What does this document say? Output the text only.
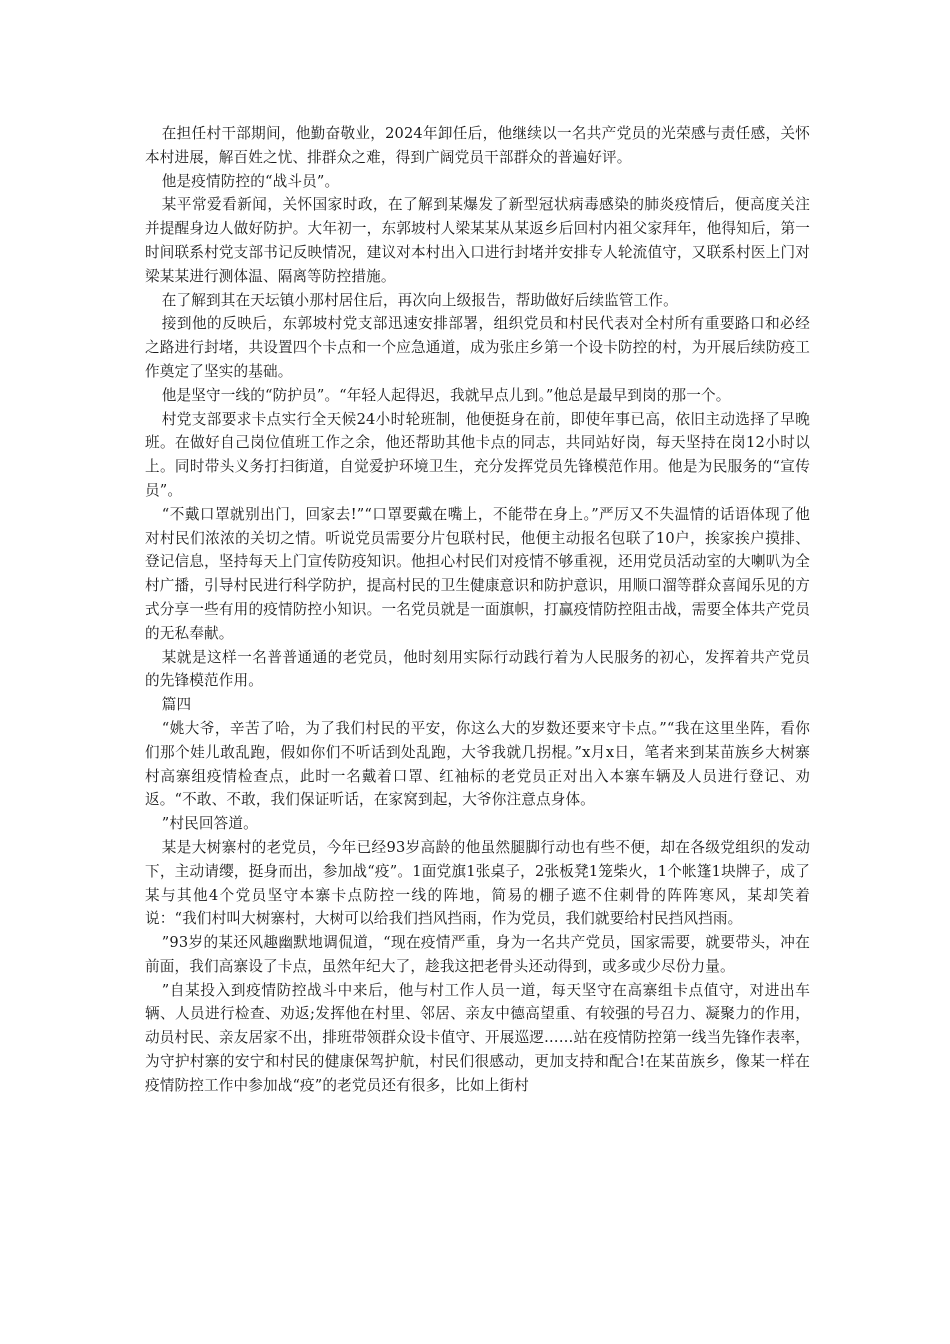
在担任村干部期间，他勤奋敬业，2024年卸任后，他继续以一名共产党员的光荣感与责任感，关怀本村进展，解百姓之忧、排群众之难，得到广阔党员干部群众的普遍好评。

他是疫情防控的“战斗员”。

某平常爱看新闻，关怀国家时政，在了解到某爆发了新型冠状病毒感染的肺炎疫情后，便高度关注并提醒身边人做好防护。大年初一，东郭坡村人梁某某从某返乡后回村内祖父家拜年，他得知后，第一时间联系村党支部书记反映情况，建议对本村出入口进行封堵并安排专人轮流值守，又联系村医上门对梁某某进行测体温、隔离等防控措施。

在了解到其在天坛镇小那村居住后，再次向上级报告，帮助做好后续监管工作。

接到他的反映后，东郭坡村党支部迅速安排部署，组织党员和村民代表对全村所有重要路口和必经之路进行封堵，共设置四个卡点和一个应急通道，成为张庄乡第一个设卡防控的村，为开展后续防疫工作奠定了坚实的基础。

他是坚守一线的“防护员”。“年轻人起得迟，我就早点儿到。”他总是最早到岗的那一个。

村党支部要求卡点实行全天候24小时轮班制，他便挺身在前，即使年事已高，依旧主动选择了早晚班。在做好自己岗位值班工作之余，他还帮助其他卡点的同志，共同站好岗，每天坚持在岗12小时以上。同时带头义务打扫街道，自觉爱护环境卫生，充分发挥党员先锋模范作用。他是为民服务的“宣传员”。

“不戴口罩就别出门，回家去!”“口罩要戴在嘴上，不能带在身上。”严厉又不失温情的话语体现了他对村民们浓浓的关切之情。听说党员需要分片包联村民，他便主动报名包联了10户，挨家挨户摸排、登记信息，坚持每天上门宣传防疫知识。他担心村民们对疫情不够重视，还用党员活动室的大喇叭为全村广播，引导村民进行科学防护，提高村民的卫生健康意识和防护意识，用顺口溜等群众喜闻乐见的方式分享一些有用的疫情防控小知识。一名党员就是一面旗帜，打赢疫情防控阻击战，需要全体共产党员的无私奉献。

某就是这样一名普普通通的老党员，他时刻用实际行动践行着为人民服务的初心，发挥着共产党员的先锋模范作用。

篇四

“姚大爷，辛苦了哈，为了我们村民的平安，你这么大的岁数还要来守卡点。”“我在这里坐阵，看你们那个娃儿敢乱跑，假如你们不听话到处乱跑，大爷我就几拐棍。”x月x日，笔者来到某苗族乡大树寨村高寨组疫情检查点，此时一名戴着口罩、红袖标的老党员正对出入本寨车辆及人员进行登记、劝返。“不敢、不敢，我们保证听话，在家窝到起，大爷你注意点身体。

”村民回答道。

某是大树寨村的老党员，今年已经93岁高龄的他虽然腿脚行动也有些不便，却在各级党组织的发动下，主动请缨，挺身而出，参加战“疫”。1面党旗1张桌子，2张板凳1笼柴火，1个帐篷1块牌子，成了某与其他4个党员坚守本寨卡点防控一线的阵地，简易的棚子遮不住刺骨的阵阵寒风，某却笑着说：“我们村叫大树寨村，大树可以给我们挡风挡雨，作为党员，我们就要给村民挡风挡雨。

”93岁的某还风趣幽默地调侃道，“现在疫情严重，身为一名共产党员，国家需要，就要带头，冲在前面，我们高寨设了卡点，虽然年纪大了，趁我这把老骨头还动得到，或多或少尽份力量。

”自某投入到疫情防控战斗中来后，他与村工作人员一道，每天坚守在高寨组卡点值守，对进出车辆、人员进行检查、劝返;发挥他在村里、邻居、亲友中德高望重、有较强的号召力、凝聚力的作用，动员村民、亲友居家不出，排班带领群众设卡值守、开展巡逻……站在疫情防控第一线当先锋作表率，为守护村寨的安宁和村民的健康保驾护航，村民们很感动，更加支持和配合!在某苗族乡，像某一样在疫情防控工作中参加战“疫”的老党员还有很多，比如上街村
